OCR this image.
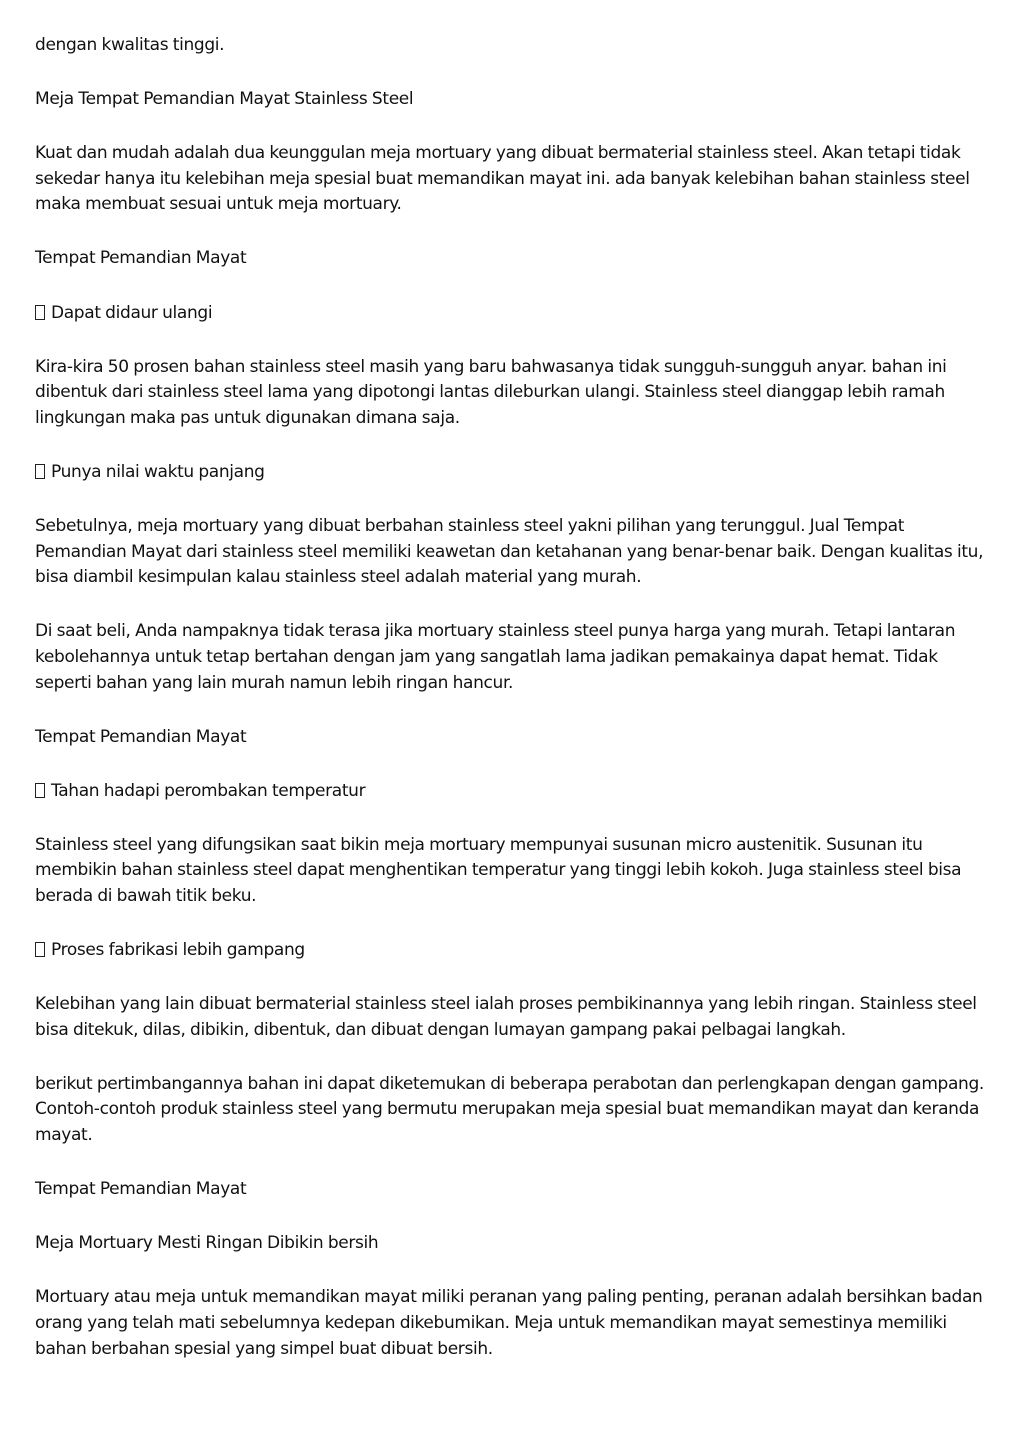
dengan kwalitas tinggi.

Meja Tempat Pemandian Mayat Stainless Steel

Kuat dan mudah adalah dua keunggulan meja mortuary yang dibuat bermaterial stainless steel. Akan tetapi tidak sekedar hanya itu kelebihan meja spesial buat memandikan mayat ini. ada banyak kelebihan bahan stainless steel maka membuat sesuai untuk meja mortuary.

Tempat Pemandian Mayat

Dapat didaur ulangi

Kira-kira 50 prosen bahan stainless steel masih yang baru bahwasanya tidak sungguh-sungguh anyar. bahan ini dibentuk dari stainless steel lama yang dipotongi lantas dileburkan ulangi. Stainless steel dianggap lebih ramah lingkungan maka pas untuk digunakan dimana saja.

Punya nilai waktu panjang

Sebetulnya, meja mortuary yang dibuat berbahan stainless steel yakni pilihan yang terunggul. Jual Tempat Pemandian Mayat dari stainless steel memiliki keawetan dan ketahanan yang benar-benar baik. Dengan kualitas itu, bisa diambil kesimpulan kalau stainless steel adalah material yang murah.

Di saat beli, Anda nampaknya tidak terasa jika mortuary stainless steel punya harga yang murah. Tetapi lantaran kebolehannya untuk tetap bertahan dengan jam yang sangatlah lama jadikan pemakainya dapat hemat. Tidak seperti bahan yang lain murah namun lebih ringan hancur.

Tempat Pemandian Mayat

Tahan hadapi perombakan temperatur

Stainless steel yang difungsikan saat bikin meja mortuary mempunyai susunan micro austenitik. Susunan itu membikin bahan stainless steel dapat menghentikan temperatur yang tinggi lebih kokoh. Juga stainless steel bisa berada di bawah titik beku.

Proses fabrikasi lebih gampang

Kelebihan yang lain dibuat bermaterial stainless steel ialah proses pembikinannya yang lebih ringan. Stainless steel bisa ditekuk, dilas, dibikin, dibentuk, dan dibuat dengan lumayan gampang pakai pelbagai langkah.

berikut pertimbangannya bahan ini dapat diketemukan di beberapa perabotan dan perlengkapan dengan gampang. Contoh-contoh produk stainless steel yang bermutu merupakan meja spesial buat memandikan mayat dan keranda mayat.

Tempat Pemandian Mayat

Meja Mortuary Mesti Ringan Dibikin bersih

Mortuary atau meja untuk memandikan mayat miliki peranan yang paling penting, peranan adalah bersihkan badan orang yang telah mati sebelumnya kedepan dikebumikan. Meja untuk memandikan mayat semestinya memiliki bahan berbahan spesial yang simpel buat dibuat bersih.
